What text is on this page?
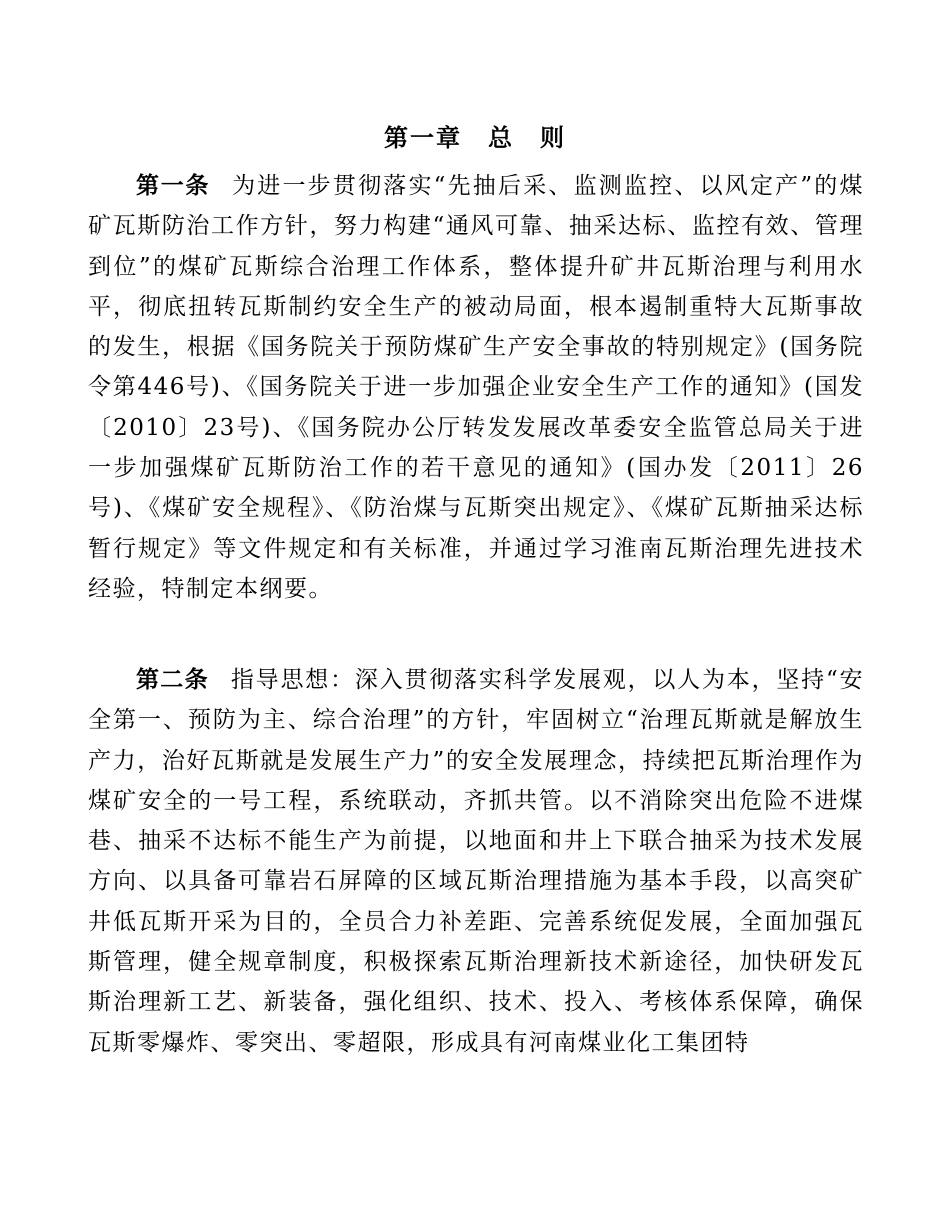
第一章　总　则

第一条 为进一步贯彻落实“先抽后采、监测监控、以风定产”的煤矿瓦斯防治工作方针，努力构建“通风可靠、抽采达标、监控有效、管理到位”的煤矿瓦斯综合治理工作体系，整体提升矿井瓦斯治理与利用水平，彻底扭转瓦斯制约安全生产的被动局面，根本遏制重特大瓦斯事故的发生，根据《国务院关于预防煤矿生产安全事故的特别规定》(国务院令第446号)、《国务院关于进一步加强企业安全生产工作的通知》(国发〔2010〕23号)、《国务院办公厅转发发展改革委安全监管总局关于进一步加强煤矿瓦斯防治工作的若干意见的通知》(国办发〔2011〕26号)、《煤矿安全规程》、《防治煤与瓦斯突出规定》、《煤矿瓦斯抽采达标暂行规定》等文件规定和有关标准，并通过学习淮南瓦斯治理先进技术经验，特制定本纲要。

第二条 指导思想：深入贯彻落实科学发展观，以人为本，坚持“安全第一、预防为主、综合治理”的方针，牢固树立“治理瓦斯就是解放生产力，治好瓦斯就是发展生产力”的安全发展理念，持续把瓦斯治理作为煤矿安全的一号工程，系统联动，齐抓共管。以不消除突出危险不进煤巷、抽采不达标不能生产为前提，以地面和井上下联合抽采为技术发展方向、以具备可靠岩石屏障的区域瓦斯治理措施为基本手段，以高突矿井低瓦斯开采为目的，全员合力补差距、完善系统促发展，全面加强瓦斯管理，健全规章制度，积极探索瓦斯治理新技术新途径，加快研发瓦斯治理新工艺、新装备，强化组织、技术、投入、考核体系保障，确保瓦斯零爆炸、零突出、零超限，形成具有河南煤业化工集团特
